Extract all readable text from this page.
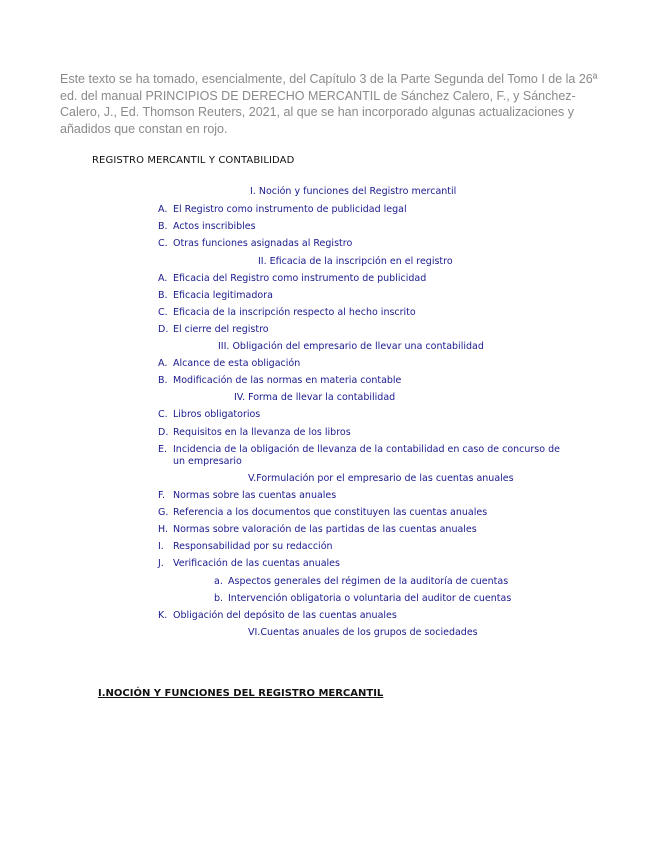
Este texto se ha tomado, esencialmente, del Capítulo 3 de la Parte Segunda del Tomo I de la 26ª ed. del manual PRINCIPIOS DE DERECHO MERCANTIL de Sánchez Calero, F., y Sánchez-Calero, J., Ed. Thomson Reuters, 2021, al que se han incorporado algunas actualizaciones y añadidos que constan en rojo.
REGISTRO MERCANTIL Y CONTABILIDAD
I. Noción y funciones del Registro mercantil
A. El Registro como instrumento de publicidad legal
B. Actos inscribibles
C. Otras funciones asignadas al Registro
II. Eficacia de la inscripción en el registro
A. Eficacia del Registro como instrumento de publicidad
B. Eficacia legitimadora
C. Eficacia de la inscripción respecto al hecho inscrito
D. El cierre del registro
III. Obligación del empresario de llevar una contabilidad
A. Alcance de esta obligación
B. Modificación de las normas en materia contable
IV. Forma de llevar la contabilidad
C. Libros obligatorios
D. Requisitos en la llevanza de los libros
E. Incidencia de la obligación de llevanza de la contabilidad en caso de concurso de un empresario
V.Formulación por el empresario de las cuentas anuales
F. Normas sobre las cuentas anuales
G. Referencia a los documentos que constituyen las cuentas anuales
H. Normas sobre valoración de las partidas de las cuentas anuales
I. Responsabilidad por su redacción
J. Verificación de las cuentas anuales
a. Aspectos generales del régimen de la auditoría de cuentas
b. Intervención obligatoria o voluntaria del auditor de cuentas
K. Obligación del depósito de las cuentas anuales
VI.Cuentas anuales de los grupos de sociedades
I.NOCIÓN Y FUNCIONES DEL REGISTRO MERCANTIL
